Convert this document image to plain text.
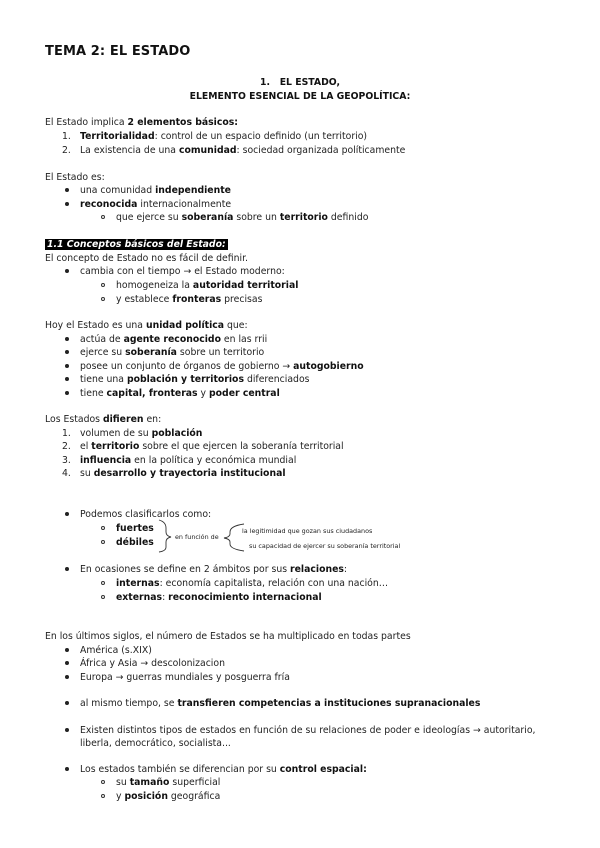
TEMA 2: EL ESTADO
1. EL ESTADO,
ELEMENTO ESENCIAL DE LA GEOPOLÍTICA:
El Estado implica 2 elementos básicos:
1. Territorialidad: control de un espacio definido (un territorio)
2. La existencia de una comunidad: sociedad organizada políticamente
El Estado es:
una comunidad independiente
reconocida internacionalmente
que ejerce su soberanía sobre un territorio definido
1.1 Conceptos básicos del Estado:
El concepto de Estado no es fácil de definir.
cambia con el tiempo → el Estado moderno:
homogeneiza la autoridad territorial
y establece fronteras precisas
Hoy el Estado es una unidad política que:
actúa de agente reconocido en las rrii
ejerce su soberanía sobre un territorio
posee un conjunto de órganos de gobierno → autogobierno
tiene una población y territorios diferenciados
tiene capital, fronteras y poder central
Los Estados difieren en:
1. volumen de su población
2. el territorio sobre el que ejercen la soberanía territorial
3. influencia en la política y económica mundial
4. su desarrollo y trayectoria institucional
Podemos clasificarlos como:
fuertes
débiles	en función de
la legitimidad que gozan sus ciudadanos
su capacidad de ejercer su soberanía territorial
En ocasiones se define en 2 ámbitos por sus relaciones:
internas: economía capitalista, relación con una nación…
externas: reconocimiento internacional
En los últimos siglos, el número de Estados se ha multiplicado en todas partes
América (s.XIX)
África y Asia → descolonizacion
Europa → guerras mundiales y posguerra fría
al mismo tiempo, se transfieren competencias a instituciones supranacionales
Existen distintos tipos de estados en función de su relaciones de poder e ideologías → autoritario,
liberla, democrático, socialista...
Los estados también se diferencian por su control espacial:
su tamaño superficial
y posición geográfica
